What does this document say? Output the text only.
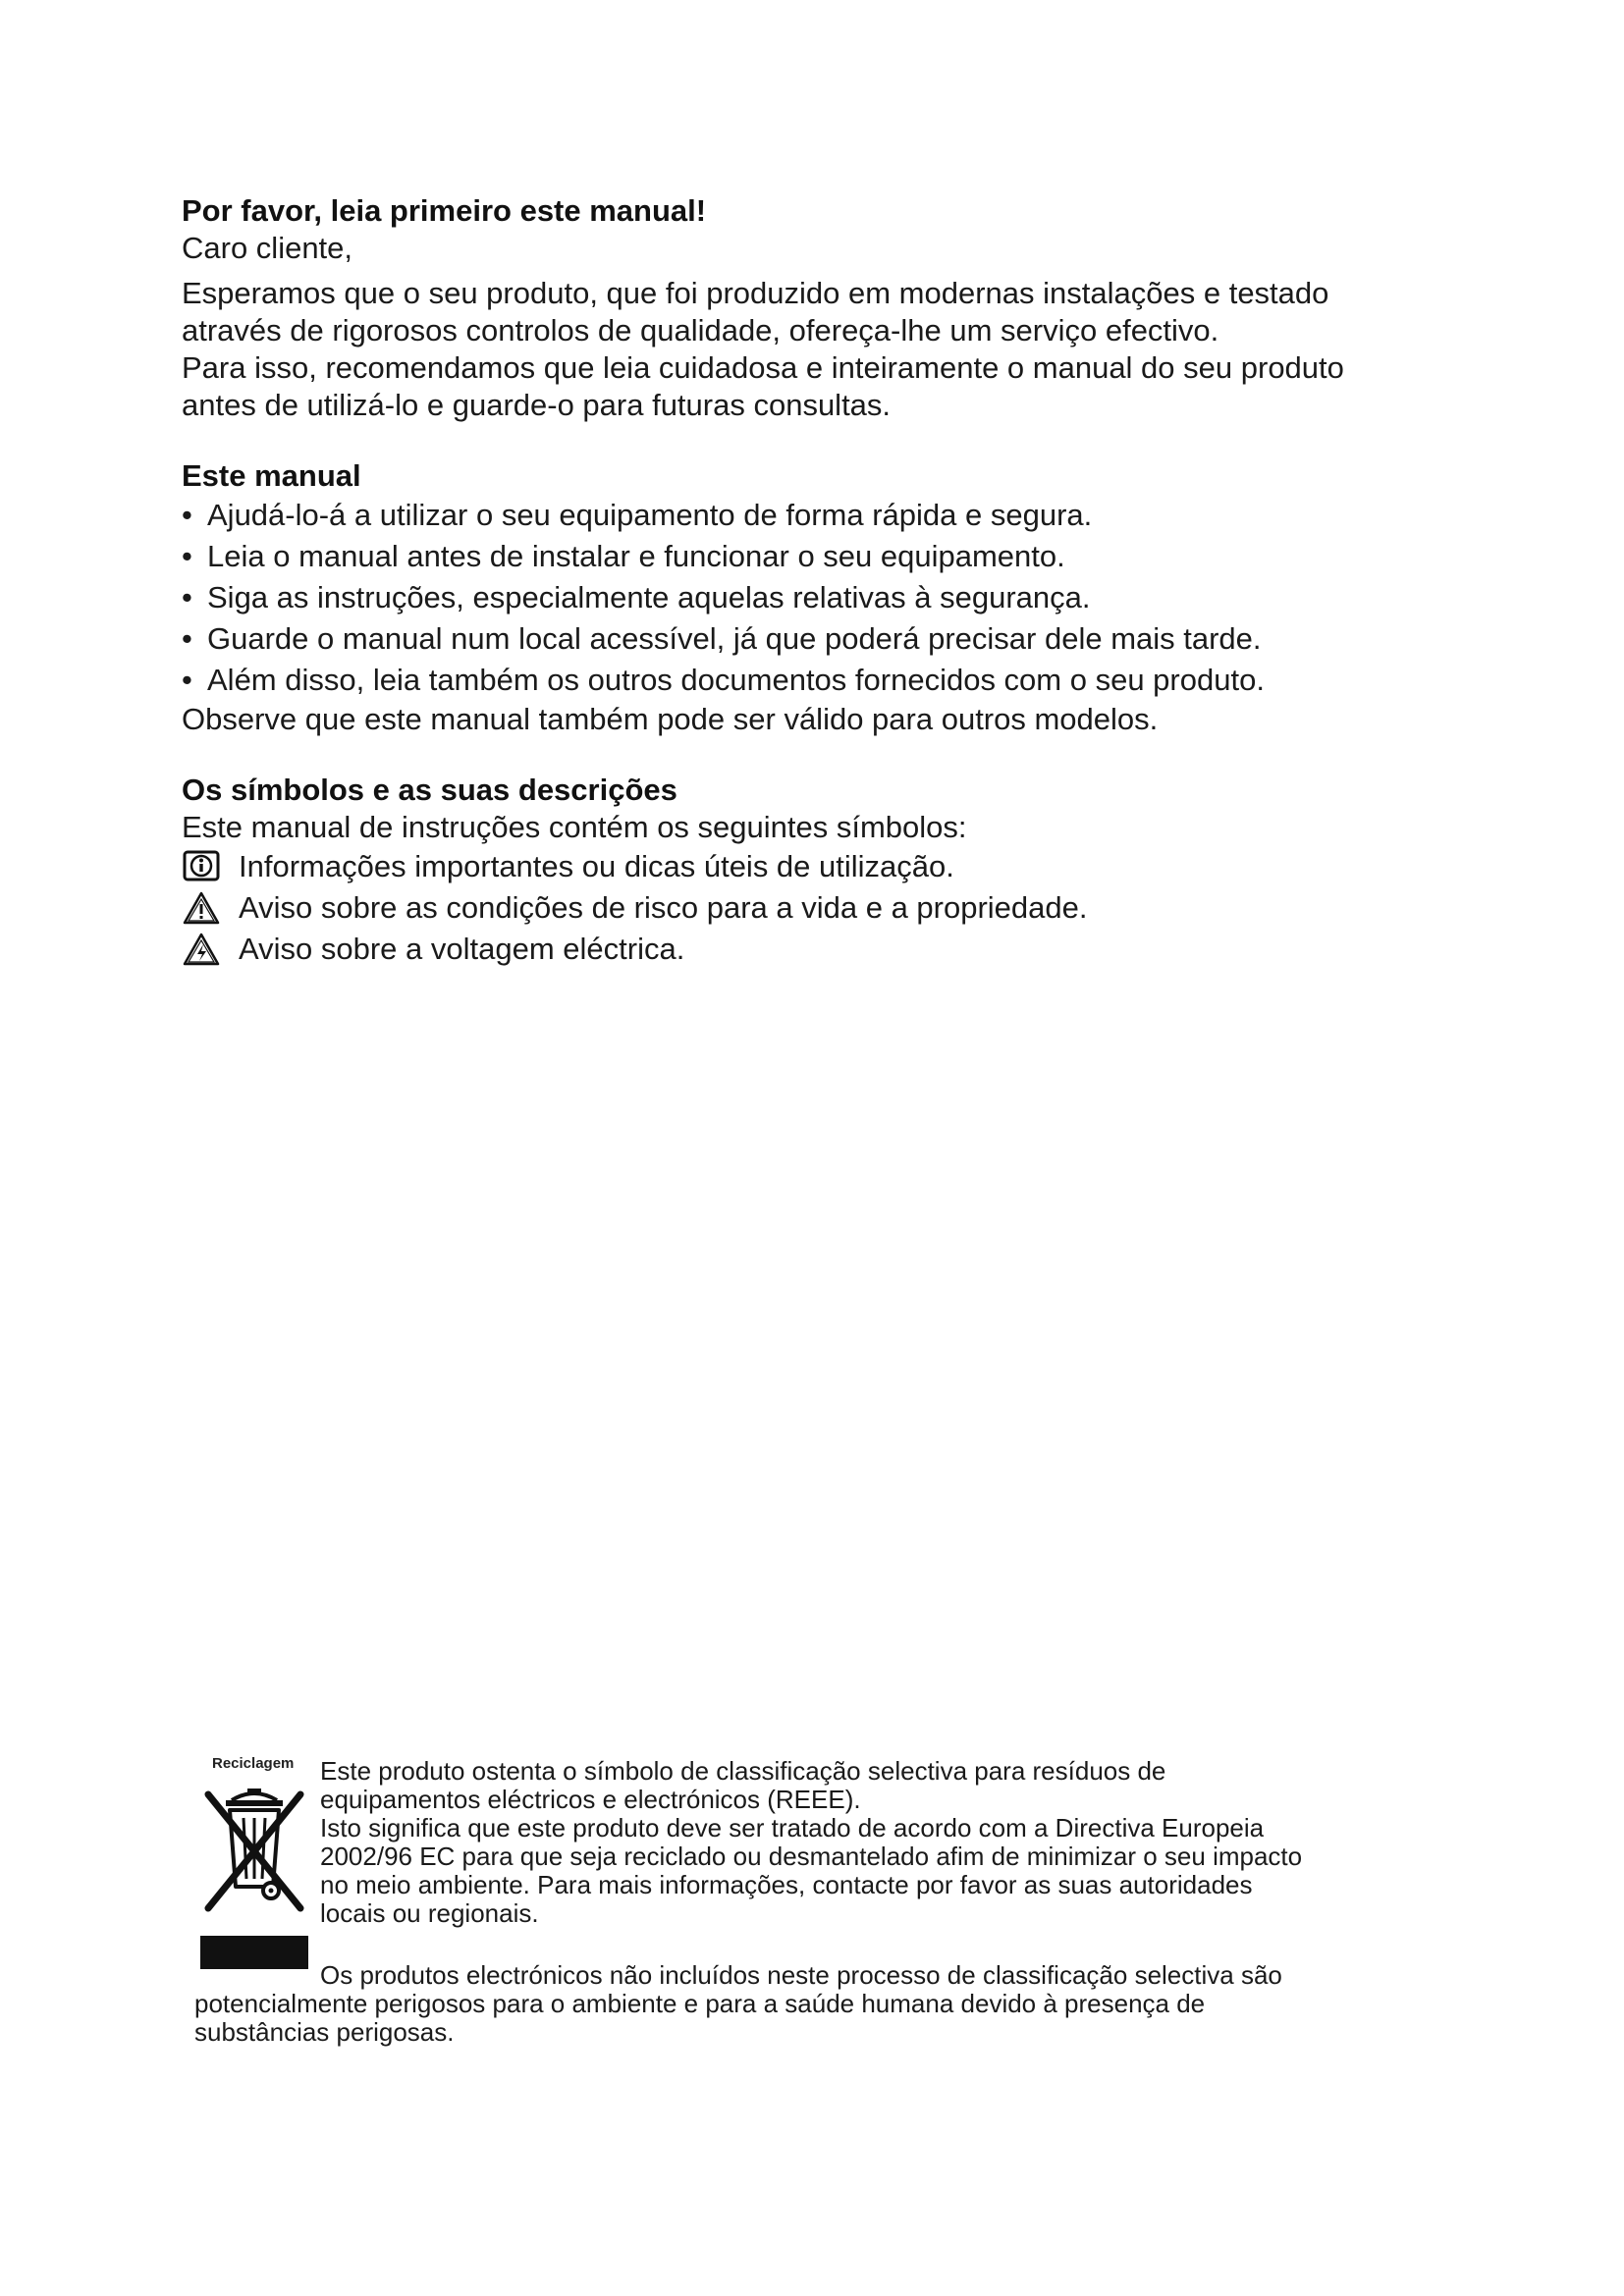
Por favor, leia primeiro este manual!

Caro cliente,

Esperamos que o seu produto, que foi produzido em modernas instalações e testado

através de rigorosos controlos de qualidade, ofereça-lhe um serviço efectivo.

Para isso, recomendamos que leia cuidadosa e inteiramente o manual do seu produto

antes de utilizá-lo e guarde-o para futuras consultas.

Este manual

• Ajudá-lo-á a utilizar o seu equipamento de forma rápida e segura.
• Leia o manual antes de instalar e funcionar o seu equipamento.
• Siga as instruções, especialmente aquelas relativas à segurança.
• Guarde o manual num local acessível, já que poderá precisar dele mais tarde.
• Além disso, leia também os outros documentos fornecidos com o seu produto.

Observe que este manual também pode ser válido para outros modelos.

Os símbolos e as suas descrições

Este manual de instruções contém os seguintes símbolos:

Informações importantes ou dicas úteis de utilização.
Aviso sobre as condições de risco para a vida e a propriedade.
Aviso sobre a voltagem eléctrica.
Reciclagem Este produto ostenta o símbolo de classificação selectiva para resíduos de

equipamentos eléctricos e electrónicos (REEE).

Isto significa que este produto deve ser tratado de acordo com a Directiva Europeia

2002/96 EC para que seja reciclado ou desmantelado afim de minimizar o seu impacto

no meio ambiente. Para mais informações, contacte por favor as suas autoridades

locais ou regionais.

Os produtos electrónicos não incluídos neste processo de classificação selectiva são

potencialmente perigosos para o ambiente e para a saúde humana devido à presença de

substâncias perigosas.
